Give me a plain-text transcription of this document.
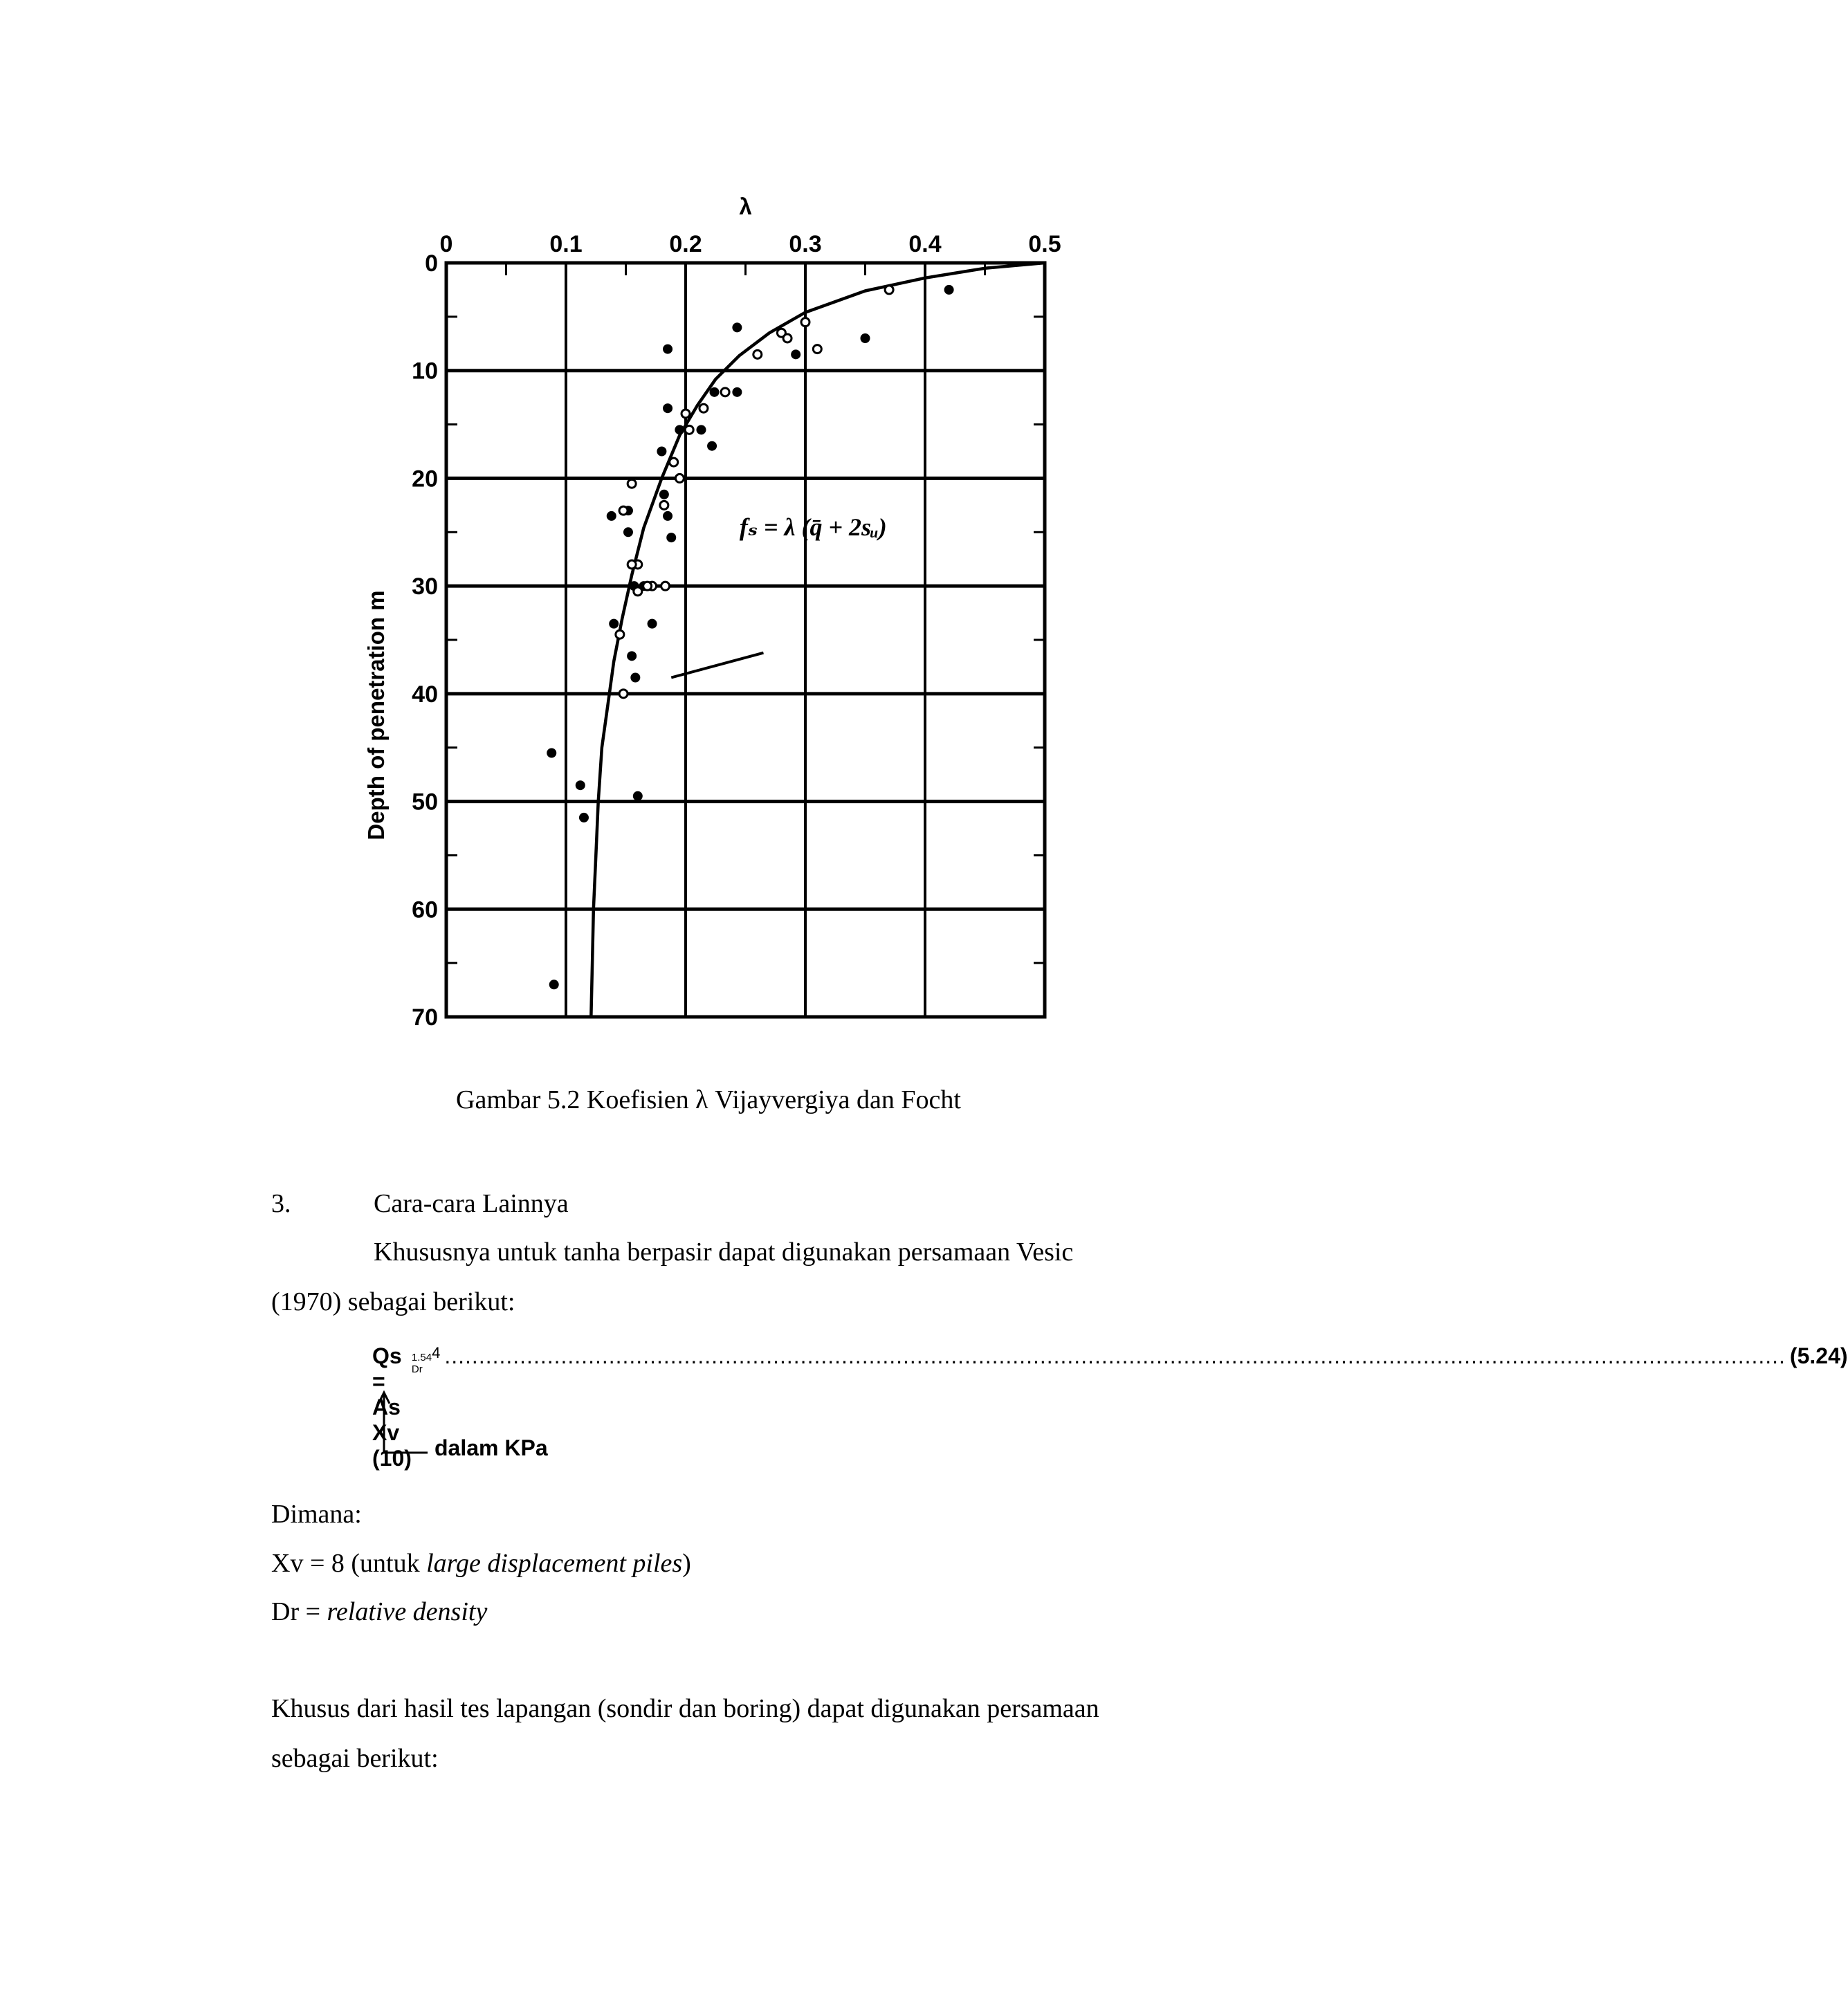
0	0.1	0.2	0.3	0.4	0.5
0
10
20
30
40
50
60
70
λ
Depth of penetration m
fₛ = λ (q̄ + 2sᵤ)
Gambar 5.2 Koefisien λ Vijayvergiya dan Focht
3.	Cara-cara Lainnya
Khususnya untuk tanha berpasir dapat digunakan persamaan Vesic
(1970) sebagai berikut:
Qs = As Xv (10)
$^{1.54 Dr}$
$^4$ .................................................................................................................................................................................................... (5.24)
dalam KPa
Dimana:
Xv = 8 (untuk large displacement piles)
Dr = relative density
Khusus dari hasil tes lapangan (sondir dan boring) dapat digunakan persamaan
sebagai berikut:
